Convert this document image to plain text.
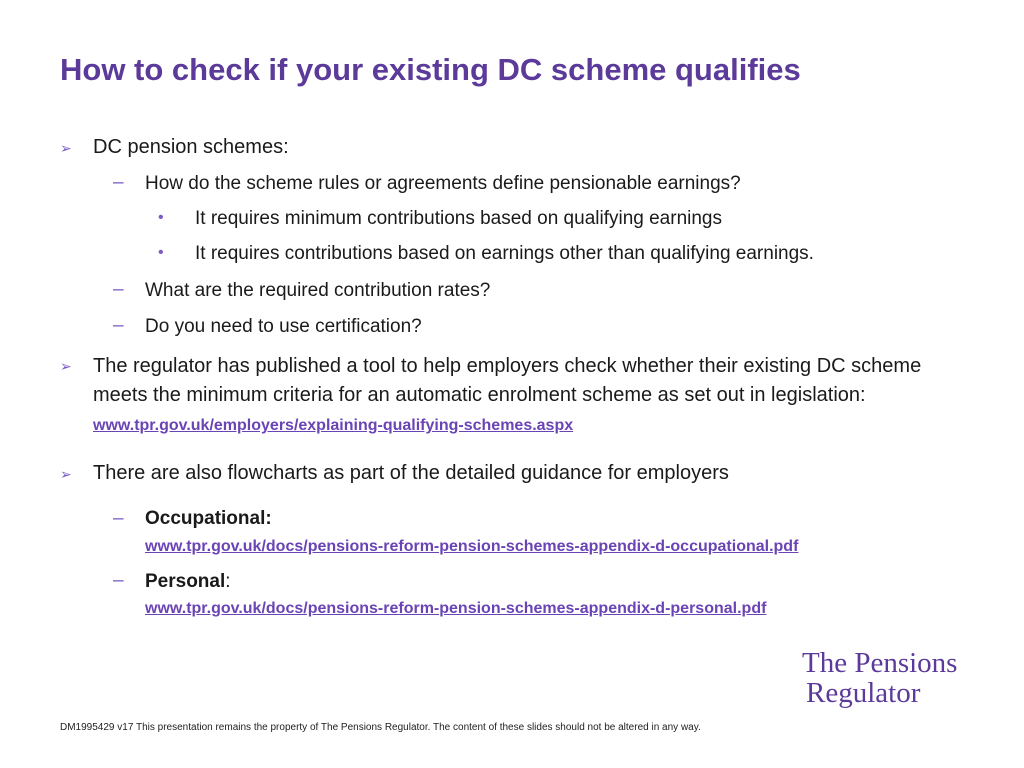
How to check if your existing DC scheme qualifies
➢ DC pension schemes:
– How do the scheme rules or agreements define pensionable earnings?
• It requires minimum contributions based on qualifying earnings
• It requires contributions based on earnings other than qualifying earnings.
– What are the required contribution rates?
– Do you need to use certification?
➢ The regulator has published a tool to help employers check whether their existing DC scheme meets the minimum criteria for an automatic enrolment scheme as set out in legislation: www.tpr.gov.uk/employers/explaining-qualifying-schemes.aspx
➢ There are also flowcharts as part of the detailed guidance for employers
– Occupational:
www.tpr.gov.uk/docs/pensions-reform-pension-schemes-appendix-d-occupational.pdf
– Personal:
www.tpr.gov.uk/docs/pensions-reform-pension-schemes-appendix-d-personal.pdf
The Pensions
Regulator
DM1995429 v17 This presentation remains the property of The Pensions Regulator. The content of these slides should not be altered in any way.
